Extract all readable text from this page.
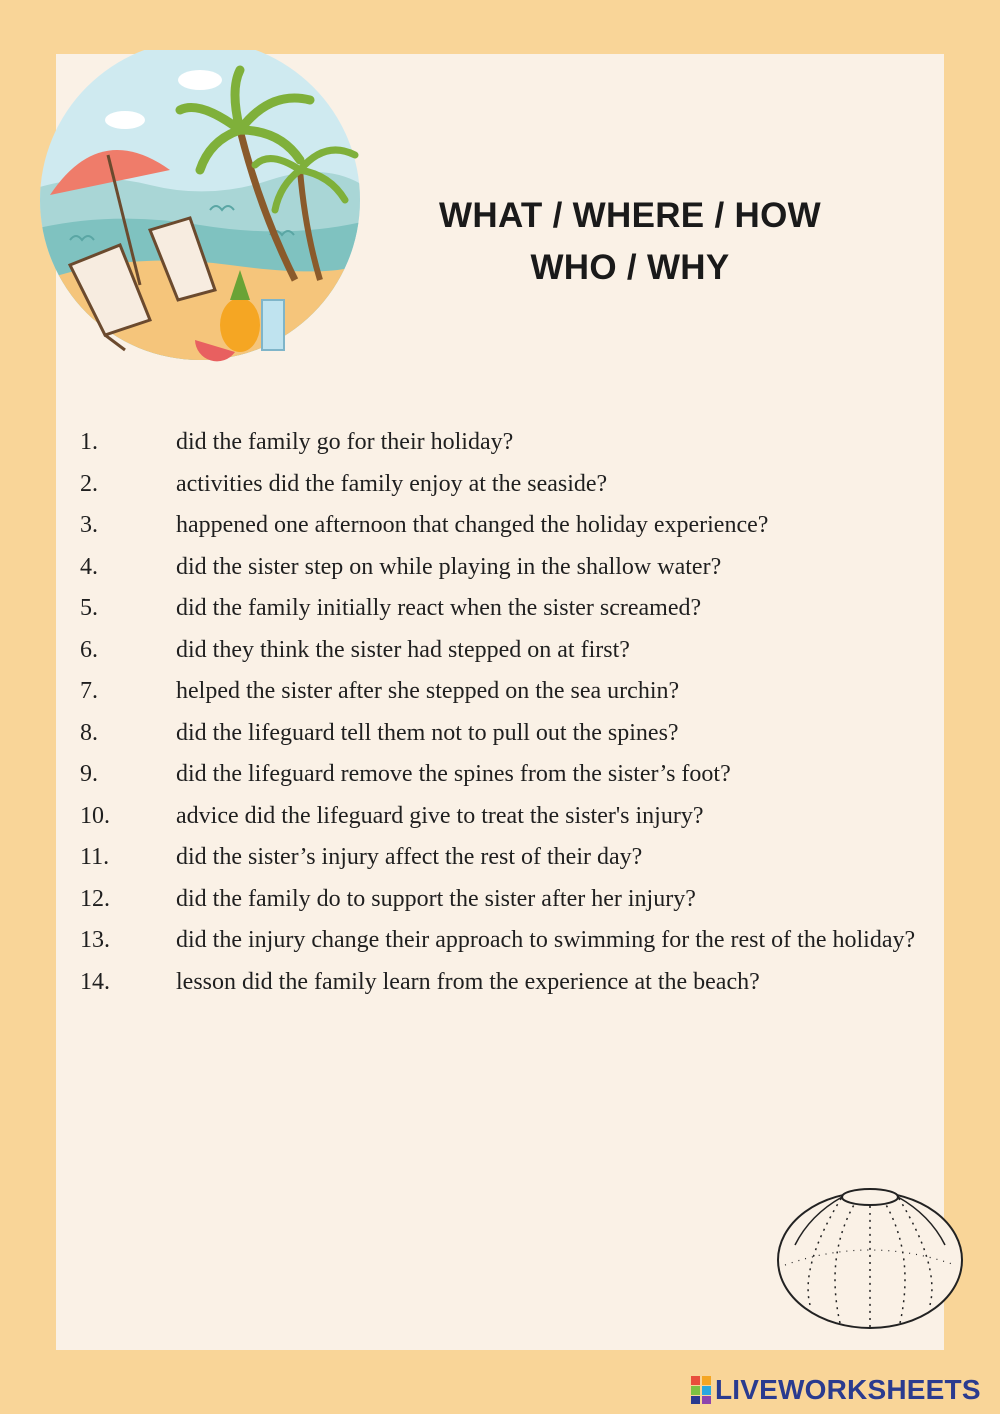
WHAT / WHERE / HOW
WHO / WHY
1.	did the family go for their holiday?
2.	activities did the family enjoy at the seaside?
3.	happened one afternoon that changed the holiday experience?
4.	did the sister step on while playing in the shallow water?
5.	did the family initially react when the sister screamed?
6.	did they think the sister had stepped on at first?
7.	helped the sister after she stepped on the sea urchin?
8.	did the lifeguard tell them not to pull out the spines?
9.	did the lifeguard remove the spines from the sister’s foot?
10.	advice did the lifeguard give to treat the sister's injury?
11.	did the sister’s injury affect the rest of their day?
12.	did the family do to support the sister after her injury?
13.	did the injury change their approach to swimming for the rest of the holiday?
14.	lesson did the family learn from the experience at the beach?
LIVEWORKSHEETS
